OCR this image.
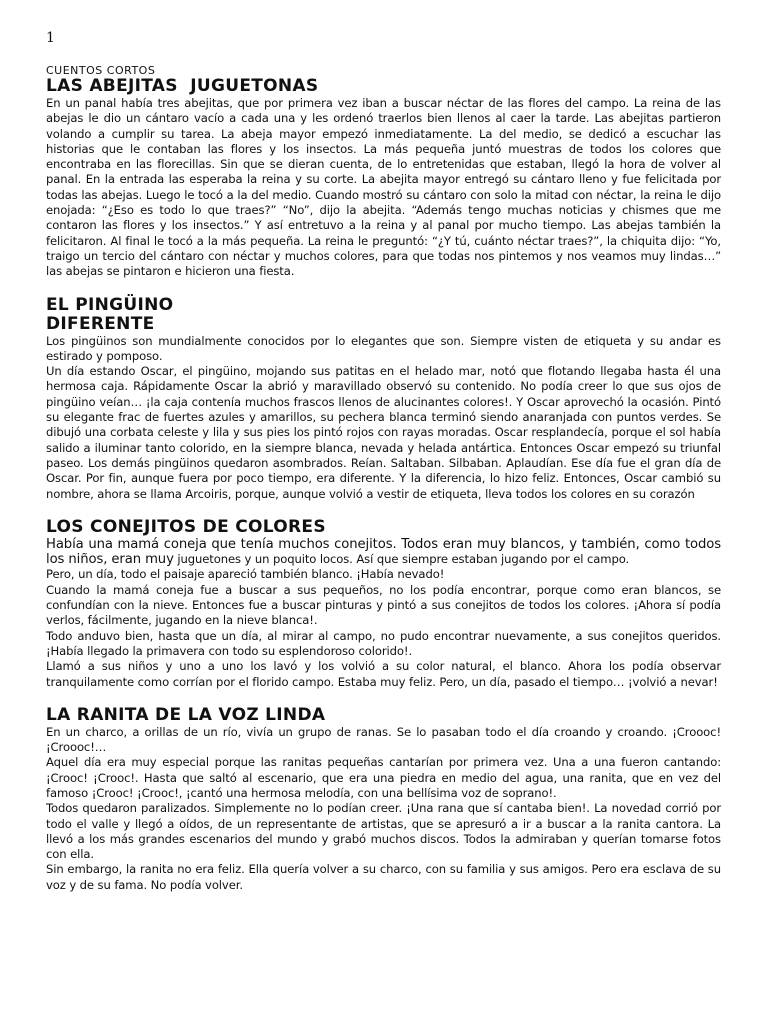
1

CUENTOS CORTOS

LAS ABEJITAS  JUGUETONAS

En un panal había tres abejitas, que por primera vez iban a buscar néctar de las flores del campo. La reina de las abejas le dio un cántaro vacío a cada una y les ordenó traerlos bien llenos al caer la tarde. Las abejitas partieron volando a cumplir su tarea. La abeja mayor empezó inmediatamente. La del medio, se dedicó a escuchar las historias que le contaban las flores y los insectos. La más pequeña juntó muestras de todos los colores que encontraba en las florecillas. Sin que se dieran cuenta, de lo entretenidas que estaban, llegó la hora de volver al panal. En la entrada las esperaba la reina y su corte. La abejita mayor entregó su cántaro lleno y fue felicitada por todas las abejas. Luego le tocó a la del medio. Cuando mostró su cántaro con solo la mitad con néctar, la reina le dijo enojada: “¿Eso es todo lo que traes?” “No”, dijo la abejita. “Además tengo muchas noticias y chismes que me contaron las flores y los insectos.” Y así entretuvo a la reina y al panal por mucho tiempo. Las abejas también la felicitaron. Al final le tocó a la más pequeña. La reina le preguntó: “¿Y tú, cuánto néctar traes?”, la chiquita dijo: “Yo, traigo un tercio del cántaro con néctar y muchos colores, para que todas nos pintemos y nos veamos muy lindas…” las abejas se pintaron e hicieron una fiesta.

EL PINGÜINO
DIFERENTE

Los pingüinos son mundialmente conocidos por lo elegantes que son. Siempre visten de etiqueta y su andar es estirado y pomposo.

Un día estando Oscar, el pingüino, mojando sus patitas en el helado mar, notó que flotando llegaba hasta él una hermosa caja. Rápidamente Oscar la abrió y maravillado observó su contenido. No podía creer lo que sus ojos de pingüino veían… ¡la caja contenía muchos frascos llenos de alucinantes colores!. Y Oscar aprovechó la ocasión. Pintó su elegante frac de fuertes azules y amarillos, su pechera blanca terminó siendo anaranjada con puntos verdes. Se dibujó una corbata celeste y lila y sus pies los pintó rojos con rayas moradas. Oscar resplandecía, porque el sol había salido a iluminar tanto colorido, en la siempre blanca, nevada y helada antártica. Entonces Oscar empezó su triunfal paseo. Los demás pingüinos quedaron asombrados. Reían. Saltaban. Silbaban. Aplaudían. Ese día fue el gran día de Oscar. Por fin, aunque fuera por poco tiempo, era diferente. Y la diferencia, lo hizo feliz. Entonces, Oscar cambió su nombre, ahora se llama Arcoiris, porque, aunque volvió a vestir de etiqueta, lleva todos los colores en su corazón

LOS CONEJITOS DE COLORES

Había una mamá coneja que tenía muchos conejitos. Todos eran muy blancos, y también, como todos los niños, eran muy juguetones y un poquito locos. Así que siempre estaban jugando por el campo.

Pero, un día, todo el paisaje apareció también blanco. ¡Había nevado!

Cuando la mamá coneja fue a buscar a sus pequeños, no los podía encontrar, porque como eran blancos, se confundían con la nieve. Entonces fue a buscar pinturas y pintó a sus conejitos de todos los colores. ¡Ahora sí podía verlos, fácilmente, jugando en la nieve blanca!.

Todo anduvo bien, hasta que un día, al mirar al campo, no pudo encontrar nuevamente, a sus conejitos queridos. ¡Había llegado la primavera con todo su esplendoroso colorido!.

Llamó a sus niños y uno a uno los lavó y los volvió a su color natural, el blanco. Ahora los podía observar tranquilamente como corrían por el florido campo. Estaba muy feliz. Pero, un día, pasado el tiempo… ¡volvió a nevar!

LA RANITA DE LA VOZ LINDA

En un charco, a orillas de un río, vivía un grupo de ranas. Se lo pasaban todo el día croando y croando. ¡Croooc! ¡Croooc!…

Aquel día era muy especial porque las ranitas pequeñas cantarían por primera vez. Una a una fueron cantando: ¡Crooc! ¡Crooc!. Hasta que saltó al escenario, que era una piedra en medio del agua, una ranita, que en vez del famoso ¡Crooc! ¡Crooc!, ¡cantó una hermosa melodía, con una bellísima voz de soprano!.

Todos quedaron paralizados. Simplemente no lo podían creer. ¡Una rana que sí cantaba bien!. La novedad corrió por todo el valle y llegó a oídos, de un representante de artistas, que se apresuró a ir a buscar a la ranita cantora. La llevó a los más grandes escenarios del mundo y grabó muchos discos. Todos la admiraban y querían tomarse fotos con ella.

Sin embargo, la ranita no era feliz. Ella quería volver a su charco, con su familia y sus amigos. Pero era esclava de su voz y de su fama. No podía volver.
